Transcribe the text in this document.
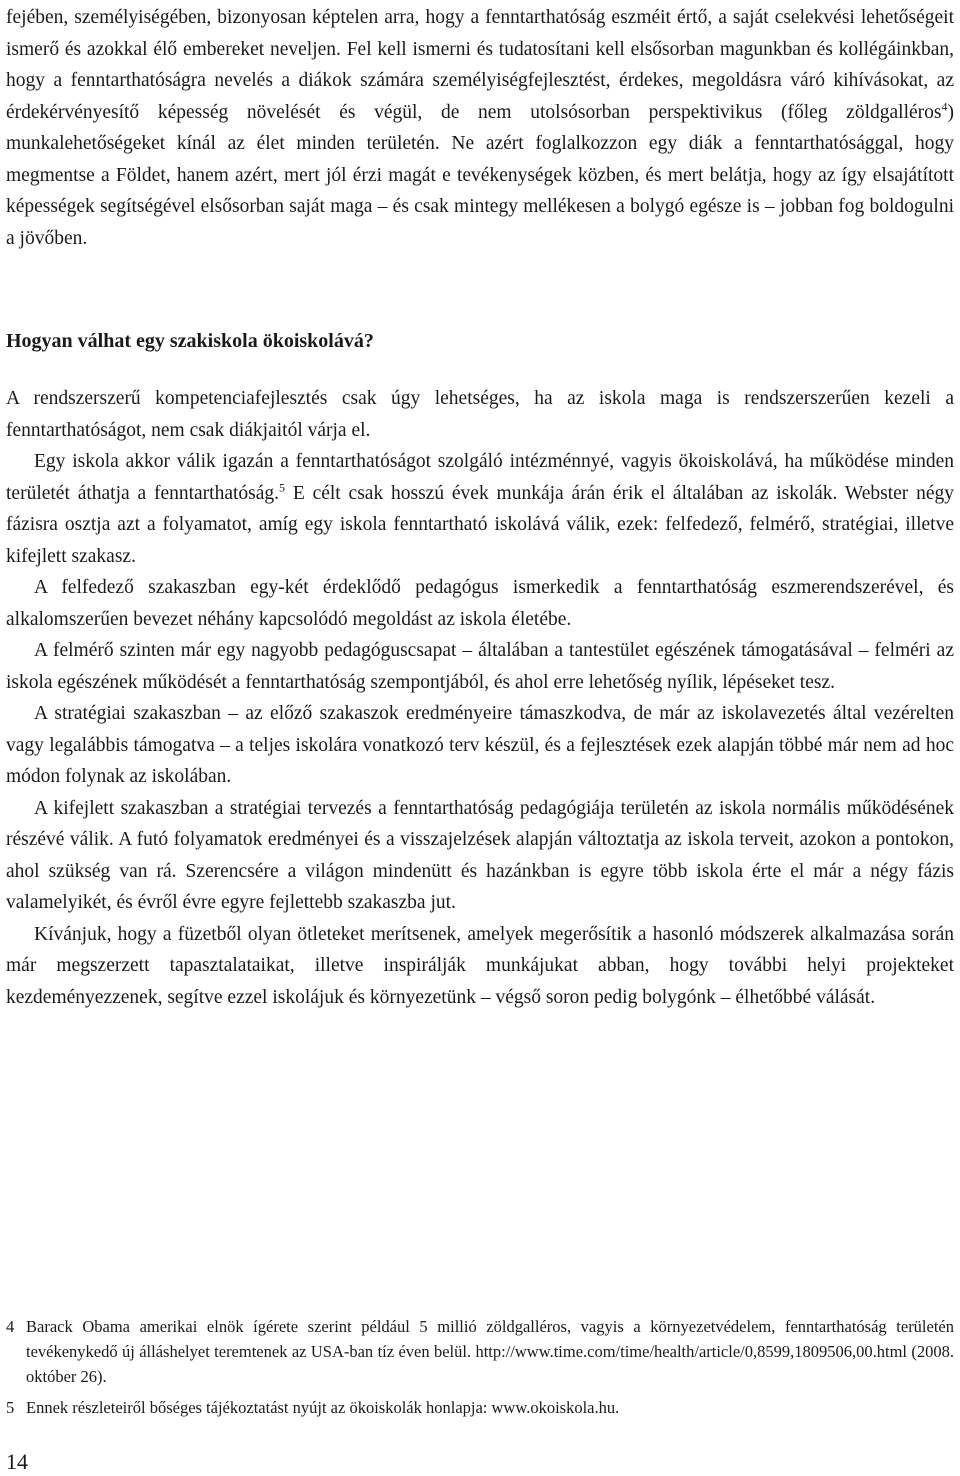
fejében, személyiségében, bizonyosan képtelen arra, hogy a fenntarthatóság eszméit értő, a saját cselekvési lehetőségeit ismerő és azokkal élő embereket neveljen. Fel kell ismerni és tudatosítani kell elsősorban magunkban és kollégáinkban, hogy a fenntarthatóságra nevelés a diákok számára személyiségfejlesztést, érdekes, megoldásra váró kihívásokat, az érdekérvényesítő képesség növelését és végül, de nem utolsósorban perspektivikus (főleg zöldgalléros$^4$) munkalehetőségeket kínál az élet minden területén. Ne azért foglalkozzon egy diák a fenntarthatósággal, hogy megmentse a Földet, hanem azért, mert jól érzi magát e tevékenységek közben, és mert belátja, hogy az így elsajátított képességek segítségével elsősorban saját maga – és csak mintegy mellékesen a bolygó egésze is – jobban fog boldogulni a jövőben.

Hogyan válhat egy szakiskola ökoiskolává?

A rendszerszerű kompetenciafejlesztés csak úgy lehetséges, ha az iskola maga is rendszerszerűen kezeli a fenntarthatóságot, nem csak diákjaitól várja el.

Egy iskola akkor válik igazán a fenntarthatóságot szolgáló intézménnyé, vagyis ökoiskolává, ha működése minden területét áthatja a fenntarthatóság.$^5$ E célt csak hosszú évek munkája árán érik el általában az iskolák. Webster négy fázisra osztja azt a folyamatot, amíg egy iskola fenntartható iskolává válik, ezek: felfedező, felmérő, stratégiai, illetve kifejlett szakasz.

A felfedező szakaszban egy-két érdeklődő pedagógus ismerkedik a fenntarthatóság eszmerendszerével, és alkalomszerűen bevezet néhány kapcsolódó megoldást az iskola életébe.

A felmérő szinten már egy nagyobb pedagóguscsapat – általában a tantestület egészének támogatásával – felméri az iskola egészének működését a fenntarthatóság szempontjából, és ahol erre lehetőség nyílik, lépéseket tesz.

A stratégiai szakaszban – az előző szakaszok eredményeire támaszkodva, de már az iskolavezetés által vezérelten vagy legalábbis támogatva – a teljes iskolára vonatkozó terv készül, és a fejlesztések ezek alapján többé már nem ad hoc módon folynak az iskolában.

A kifejlett szakaszban a stratégiai tervezés a fenntarthatóság pedagógiája területén az iskola normális működésének részévé válik. A futó folyamatok eredményei és a visszajelzések alapján változtatja az iskola terveit, azokon a pontokon, ahol szükség van rá. Szerencsére a világon mindenütt és hazánkban is egyre több iskola érte el már a négy fázis valamelyikét, és évről évre egyre fejlettebb szakaszba jut.

Kívánjuk, hogy a füzetből olyan ötleteket merítsenek, amelyek megerősítik a hasonló módszerek alkalmazása során már megszerzett tapasztalataikat, illetve inspirálják munkájukat abban, hogy további helyi projekteket kezdeményezzenek, segítve ezzel iskolájuk és környezetünk – végső soron pedig bolygónk – élhetőbbé válását.

4 Barack Obama amerikai elnök ígérete szerint például 5 millió zöldgalléros, vagyis a környezetvédelem, fenntarthatóság területén tevékenykedő új álláshelyet teremtenek az USA-ban tíz éven belül. http://www.time.com/time/health/article/0,8599,1809506,00.html (2008. október 26).
5 Ennek részleteiről bőséges tájékoztatást nyújt az ökoiskolák honlapja: www.okoiskola.hu.
14
